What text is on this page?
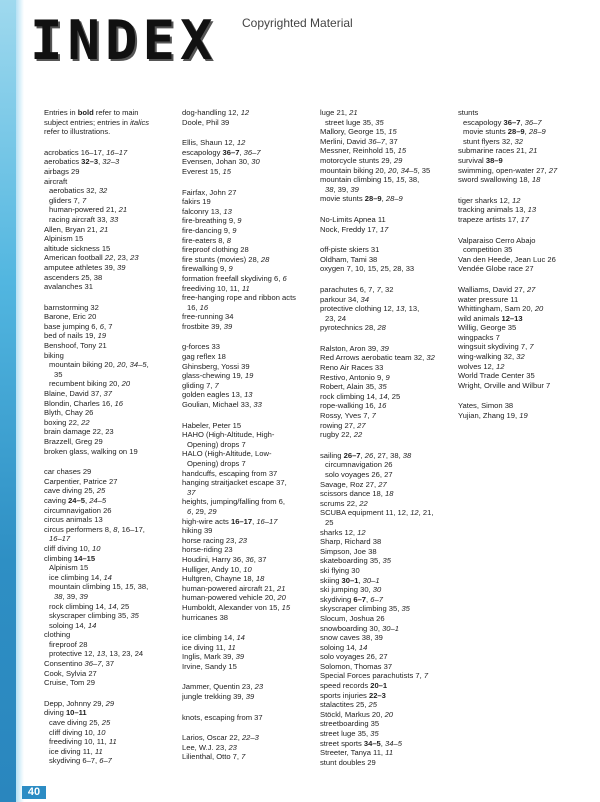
INDEX Copyrighted Material
Entries in bold refer to main
subject entries; entries in italics
refer to illustrations.
acrobatics 16–17, 16–17
aerobatics 32–3, 32–3
airbags 29
aircraft
aerobatics 32, 32
gliders 7, 7
human-powered 21, 21
racing aircraft 33, 33
Allen, Bryan 21, 21
Alpinism 15
altitude sickness 15
American football 22, 23, 23
amputee athletes 39, 39
ascenders 25, 38
avalanches 31
barnstorming 32
Barone, Eric 20
base jumping 6, 6, 7
bed of nails 19, 19
Benshoof, Tony 21
biking
mountain biking 20, 20, 34–5,
35
recumbent biking 20, 20
Blaine, David 37, 37
Blondin, Charles 16, 16
Blyth, Chay 26
boxing 22, 22
brain damage 22, 23
Brazzell, Greg 29
broken glass, walking on 19
car chases 29
Carpentier, Patrice 27
cave diving 25, 25
caving 24–5, 24–5
circumnavigation 26
circus animals 13
circus performers 8, 8, 16–17,
16–17
cliff diving 10, 10
climbing 14–15
Alpinism 15
ice climbing 14, 14
mountain climbing 15, 15, 38,
38, 39, 39
rock climbing 14, 14, 25
skyscraper climbing 35, 35
soloing 14, 14
clothing
fireproof 28
protective 12, 13, 13, 23, 24
Consentino 36–7, 37
Cook, Sylvia 27
Cruise, Tom 29
Depp, Johnny 29, 29
diving 10–11
cave diving 25, 25
cliff diving 10, 10
freediving 10, 11, 11
ice diving 11, 11
skydiving 6–7, 6–7
dog-handling 12, 12
Doole, Phil 39
Ellis, Shaun 12, 12
escapology 36–7, 36–7
Evensen, Johan 30, 30
Everest 15, 15
Fairfax, John 27
fakirs 19
falconry 13, 13
fire-breathing 9, 9
fire-dancing 9, 9
fire-eaters 8, 8
fireproof clothing 28
fire stunts (movies) 28, 28
firewalking 9, 9
formation freefall skydiving 6, 6
freediving 10, 11, 11
free-hanging rope and ribbon acts
16, 16
free-running 34
frostbite 39, 39
g-forces 33
gag reflex 18
Ghinsberg, Yossi 39
glass-chewing 19, 19
gliding 7, 7
golden eagles 13, 13
Goulian, Michael 33, 33
Habeler, Peter 15
HAHO (High-Altitude, High-
Opening) drops 7
HALO (High-Altitude, Low-
Opening) drops 7
handcuffs, escaping from 37
hanging straitjacket escape 37,
37
heights, jumping/falling from 6,
6, 29, 29
high-wire acts 16–17, 16–17
hiking 39
horse racing 23, 23
horse-riding 23
Houdini, Harry 36, 36, 37
Hulliger, Andy 10, 10
Hultgren, Chayne 18, 18
human-powered aircraft 21, 21
human-powered vehicle 20, 20
Humboldt, Alexander von 15, 15
hurricanes 38
ice climbing 14, 14
ice diving 11, 11
Inglis, Mark 39, 39
Irvine, Sandy 15
Jammer, Quentin 23, 23
jungle trekking 39, 39
knots, escaping from 37
Larios, Oscar 22, 22–3
Lee, W.J. 23, 23
Lilienthal, Otto 7, 7
luge 21, 21
street luge 35, 35
Mallory, George 15, 15
Merlini, David 36–7, 37
Messner, Reinhold 15, 15
motorcycle stunts 29, 29
mountain biking 20, 20, 34–5, 35
mountain climbing 15, 15, 38,
38, 39, 39
movie stunts 28–9, 28–9
No-Limits Apnea 11
Nock, Freddy 17, 17
off-piste skiers 31
Oldham, Tami 38
oxygen 7, 10, 15, 25, 28, 33
parachutes 6, 7, 7, 32
parkour 34, 34
protective clothing 12, 13, 13,
23, 24
pyrotechnics 28, 28
Ralston, Aron 39, 39
Red Arrows aerobatic team 32, 32
Reno Air Races 33
Restivo, Antonio 9, 9
Robert, Alain 35, 35
rock climbing 14, 14, 25
rope-walking 16, 16
Rossy, Yves 7, 7
rowing 27, 27
rugby 22, 22
sailing 26–7, 26, 27, 38, 38
circumnavigation 26
solo voyages 26, 27
Savage, Roz 27, 27
scissors dance 18, 18
scrums 22, 22
SCUBA equipment 11, 12, 12, 21,
25
sharks 12, 12
Sharp, Richard 38
Simpson, Joe 38
skateboarding 35, 35
ski flying 30
skiing 30–1, 30–1
ski jumping 30, 30
skydiving 6–7, 6–7
skyscraper climbing 35, 35
Slocum, Joshua 26
snowboarding 30, 30–1
snow caves 38, 39
soloing 14, 14
solo voyages 26, 27
Solomon, Thomas 37
Special Forces parachutists 7, 7
speed records 20–1
sports injuries 22–3
stalactites 25, 25
Stöckl, Markus 20, 20
streetboarding 35
street luge 35, 35
street sports 34–5, 34–5
Streeter, Tanya 11, 11
stunt doubles 29
stunts
escapology 36–7, 36–7
movie stunts 28–9, 28–9
stunt flyers 32, 32
submarine races 21, 21
survival 38–9
swimming, open-water 27, 27
sword swallowing 18, 18
tiger sharks 12, 12
tracking animals 13, 13
trapeze artists 17, 17
Valparaiso Cerro Abajo
competition 35
Van den Heede, Jean Luc 26
Vendée Globe race 27
Walliams, David 27, 27
water pressure 11
Whittingham, Sam 20, 20
wild animals 12–13
Willig, George 35
wingpacks 7
wingsuit skydiving 7, 7
wing-walking 32, 32
wolves 12, 12
World Trade Center 35
Wright, Orville and Wilbur 7
Yates, Simon 38
Yujian, Zhang 19, 19
40
